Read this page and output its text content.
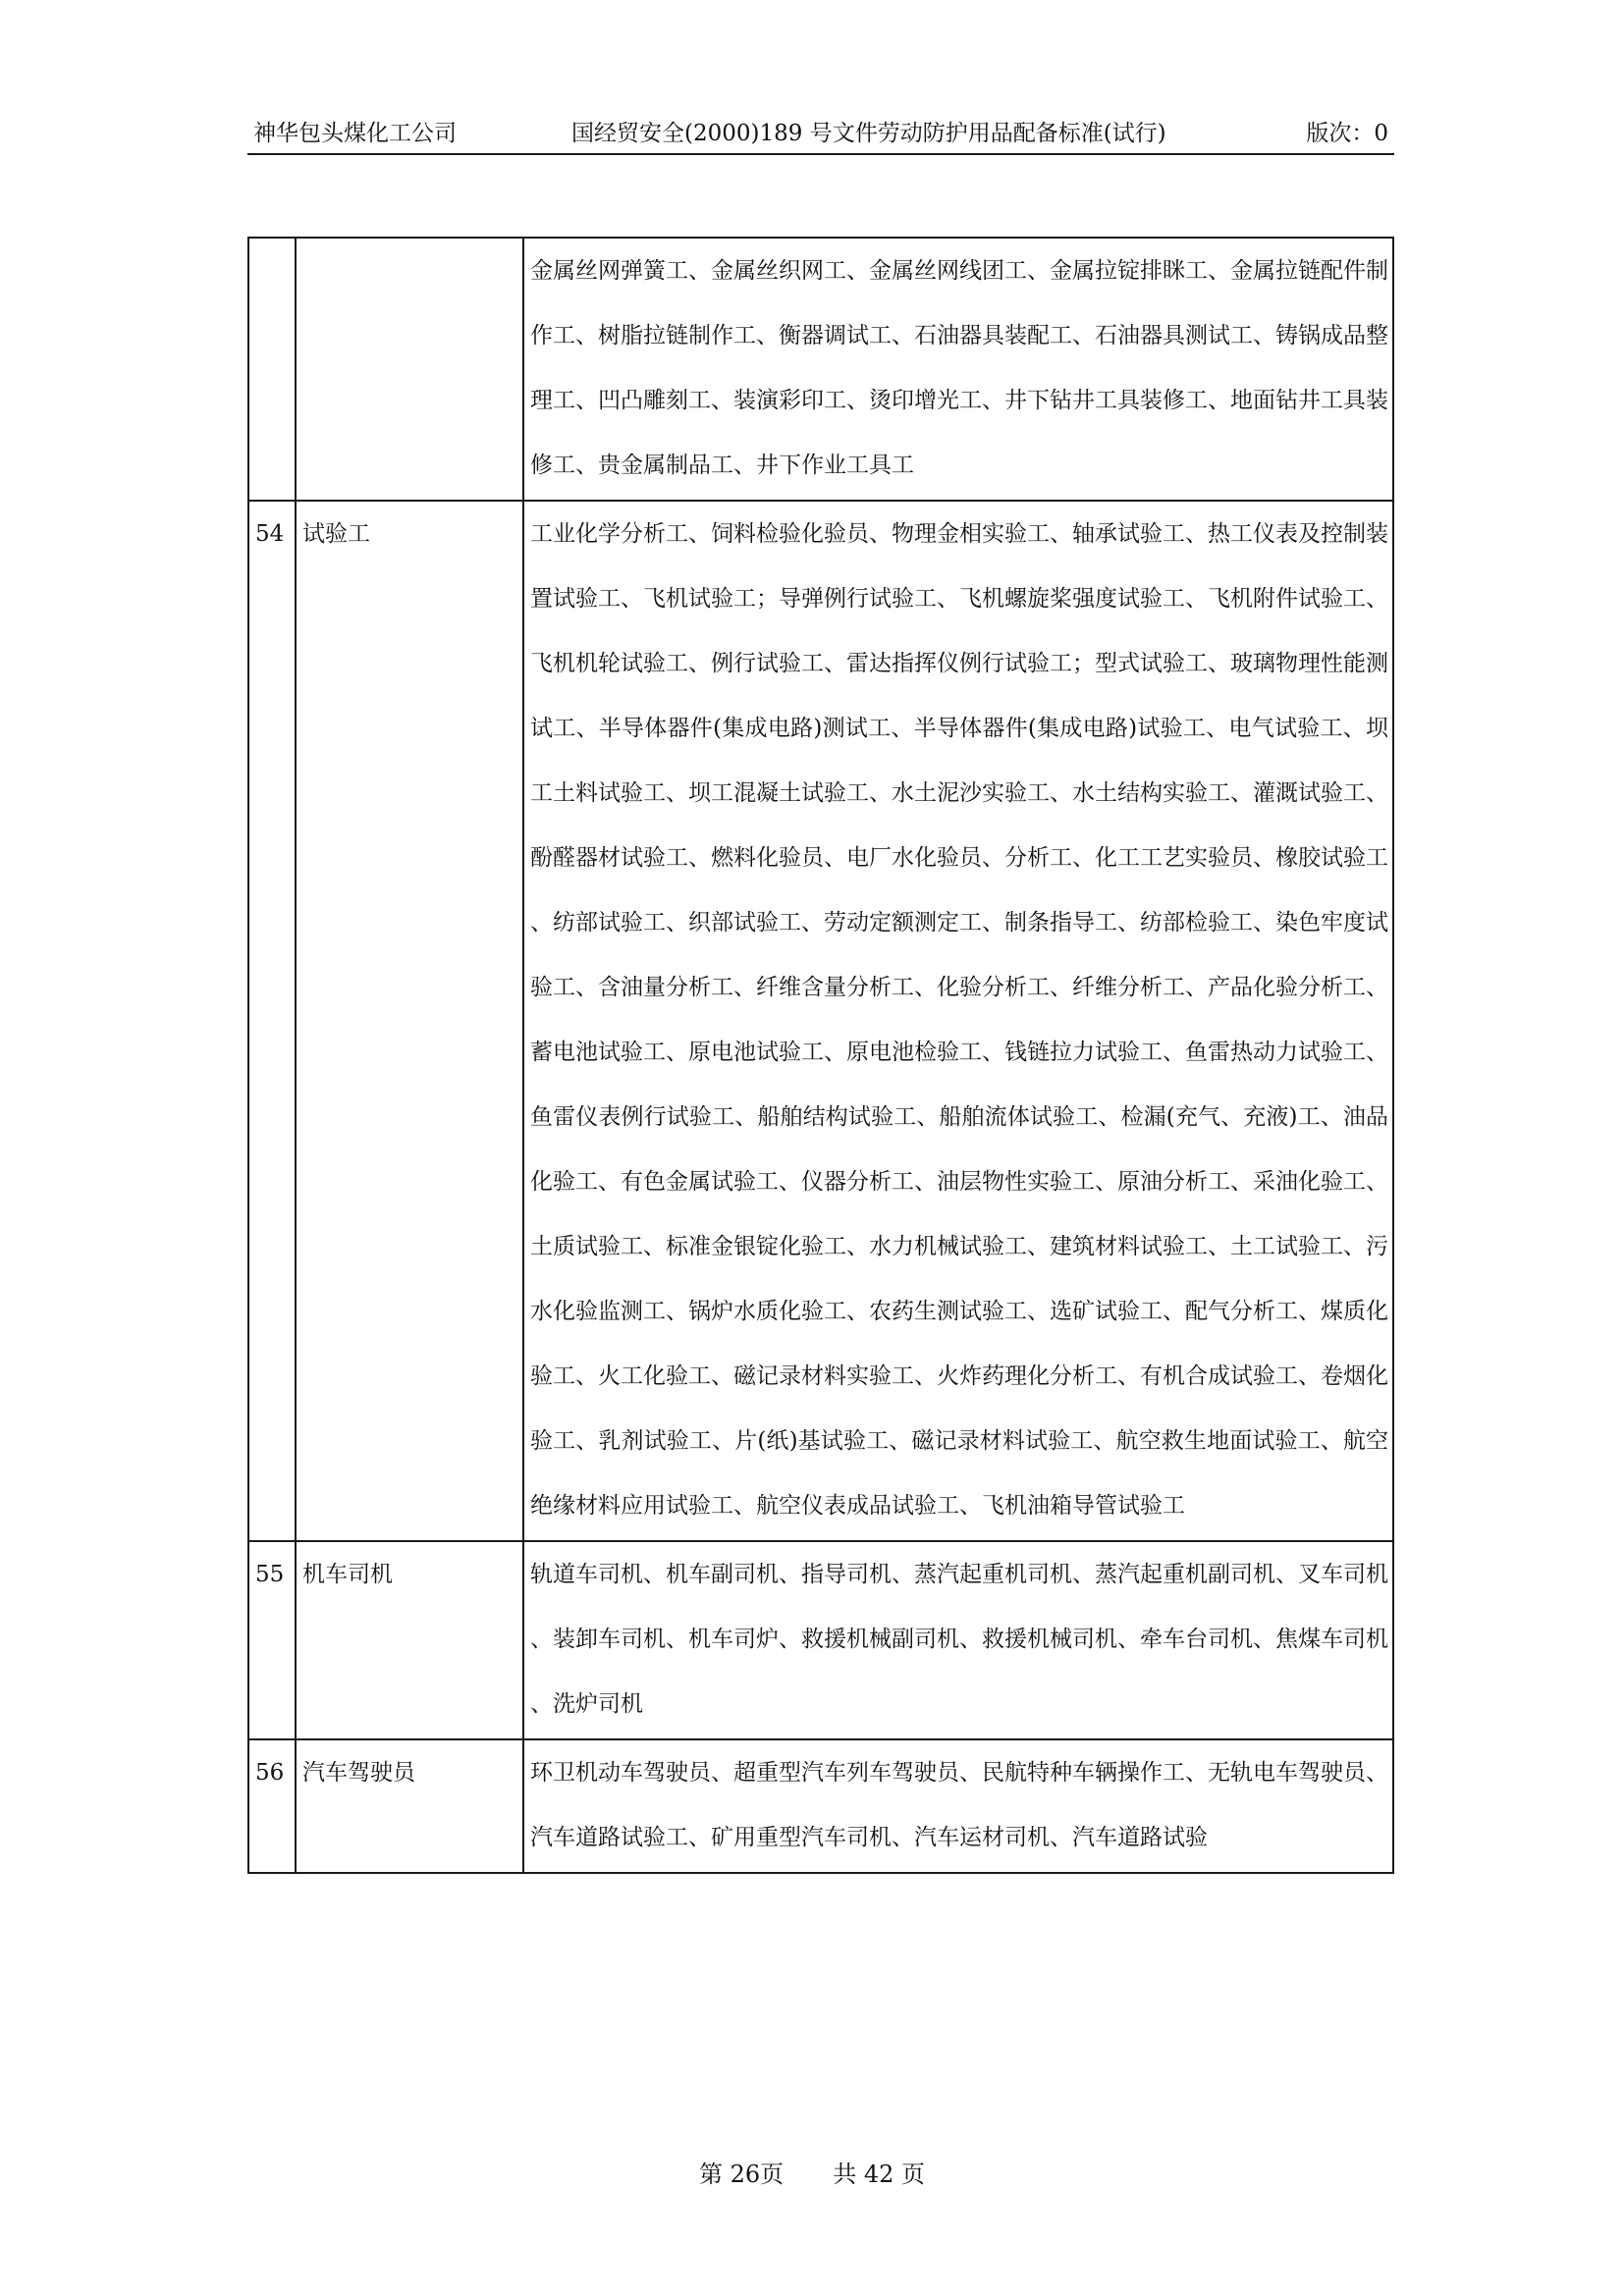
神华包头煤化工公司	国经贸安全(2000)189 号文件劳动防护用品配备标准(试行)	版次：0

		金属丝网弹簧工、金属丝织网工、金属丝网线团工、金属拉锭排眯工、金属拉链配件制作工、树脂拉链制作工、衡器调试工、石油器具装配工、石油器具测试工、铸锅成品整理工、凹凸雕刻工、装演彩印工、烫印增光工、井下钻井工具装修工、地面钻井工具装修工、贵金属制品工、井下作业工具工

54	试验工	工业化学分析工、饲料检验化验员、物理金相实验工、轴承试验工、热工仪表及控制装置试验工、飞机试验工；导弹例行试验工、飞机螺旋桨强度试验工、飞机附件试验工、飞机机轮试验工、例行试验工、雷达指挥仪例行试验工；型式试验工、玻璃物理性能测试工、半导体器件(集成电路)测试工、半导体器件(集成电路)试验工、电气试验工、坝工土料试验工、坝工混凝土试验工、水土泥沙实验工、水土结构实验工、灌溉试验工、酚醛器材试验工、燃料化验员、电厂水化验员、分析工、化工工艺实验员、橡胶试验工、纺部试验工、织部试验工、劳动定额测定工、制条指导工、纺部检验工、染色牢度试验工、含油量分析工、纤维含量分析工、化验分析工、纤维分析工、产品化验分析工、蓄电池试验工、原电池试验工、原电池检验工、钱链拉力试验工、鱼雷热动力试验工、鱼雷仪表例行试验工、船舶结构试验工、船舶流体试验工、检漏(充气、充液)工、油品化验工、有色金属试验工、仪器分析工、油层物性实验工、原油分析工、采油化验工、土质试验工、标准金银锭化验工、水力机械试验工、建筑材料试验工、土工试验工、污水化验监测工、锅炉水质化验工、农药生测试验工、选矿试验工、配气分析工、煤质化验工、火工化验工、磁记录材料实验工、火炸药理化分析工、有机合成试验工、卷烟化验工、乳剂试验工、片(纸)基试验工、磁记录材料试验工、航空救生地面试验工、航空绝缘材料应用试验工、航空仪表成品试验工、飞机油箱导管试验工

55	机车司机	轨道车司机、机车副司机、指导司机、蒸汽起重机司机、蒸汽起重机副司机、叉车司机、装卸车司机、机车司炉、救援机械副司机、救援机械司机、牵车台司机、焦煤车司机、洗炉司机

56	汽车驾驶员	环卫机动车驾驶员、超重型汽车列车驾驶员、民航特种车辆操作工、无轨电车驾驶员、汽车道路试验工、矿用重型汽车司机、汽车运材司机、汽车道路试验
第 26页 共 42 页
